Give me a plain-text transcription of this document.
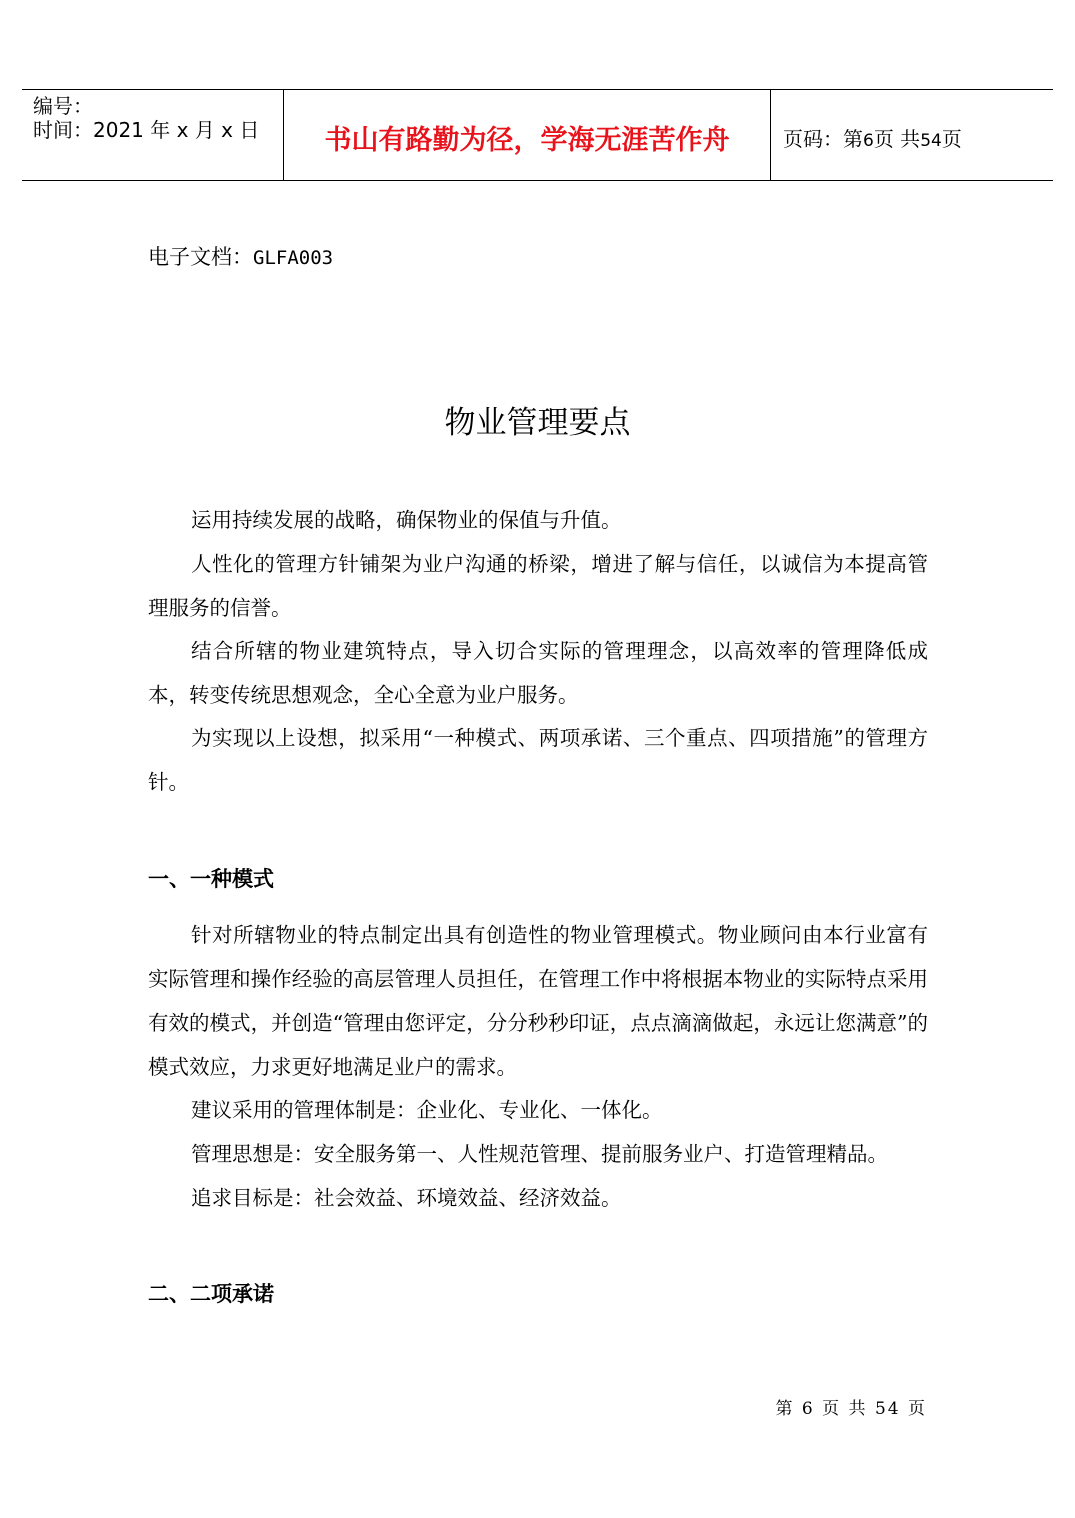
编号：
时间：2021 年 x 月 x 日	书山有路勤为径，学海无涯苦作舟	页码：第6页 共54页
电子文档：GLFA003
物业管理要点

运用持续发展的战略，确保物业的保值与升值。

人性化的管理方针铺架为业户沟通的桥梁，增进了解与信任，以诚信为本提高管理服务的信誉。

结合所辖的物业建筑特点，导入切合实际的管理理念，以高效率的管理降低成本，转变传统思想观念，全心全意为业户服务。

为实现以上设想，拟采用“一种模式、两项承诺、三个重点、四项措施”的管理方针。

一、一种模式

针对所辖物业的特点制定出具有创造性的物业管理模式。物业顾问由本行业富有实际管理和操作经验的高层管理人员担任，在管理工作中将根据本物业的实际特点采用有效的模式，并创造“管理由您评定，分分秒秒印证，点点滴滴做起，永远让您满意”的模式效应，力求更好地满足业户的需求。

建议采用的管理体制是：企业化、专业化、一体化。

管理思想是：安全服务第一、人性规范管理、提前服务业户、打造管理精品。

追求目标是：社会效益、环境效益、经济效益。

二、二项承诺
第 6 页 共 54 页
